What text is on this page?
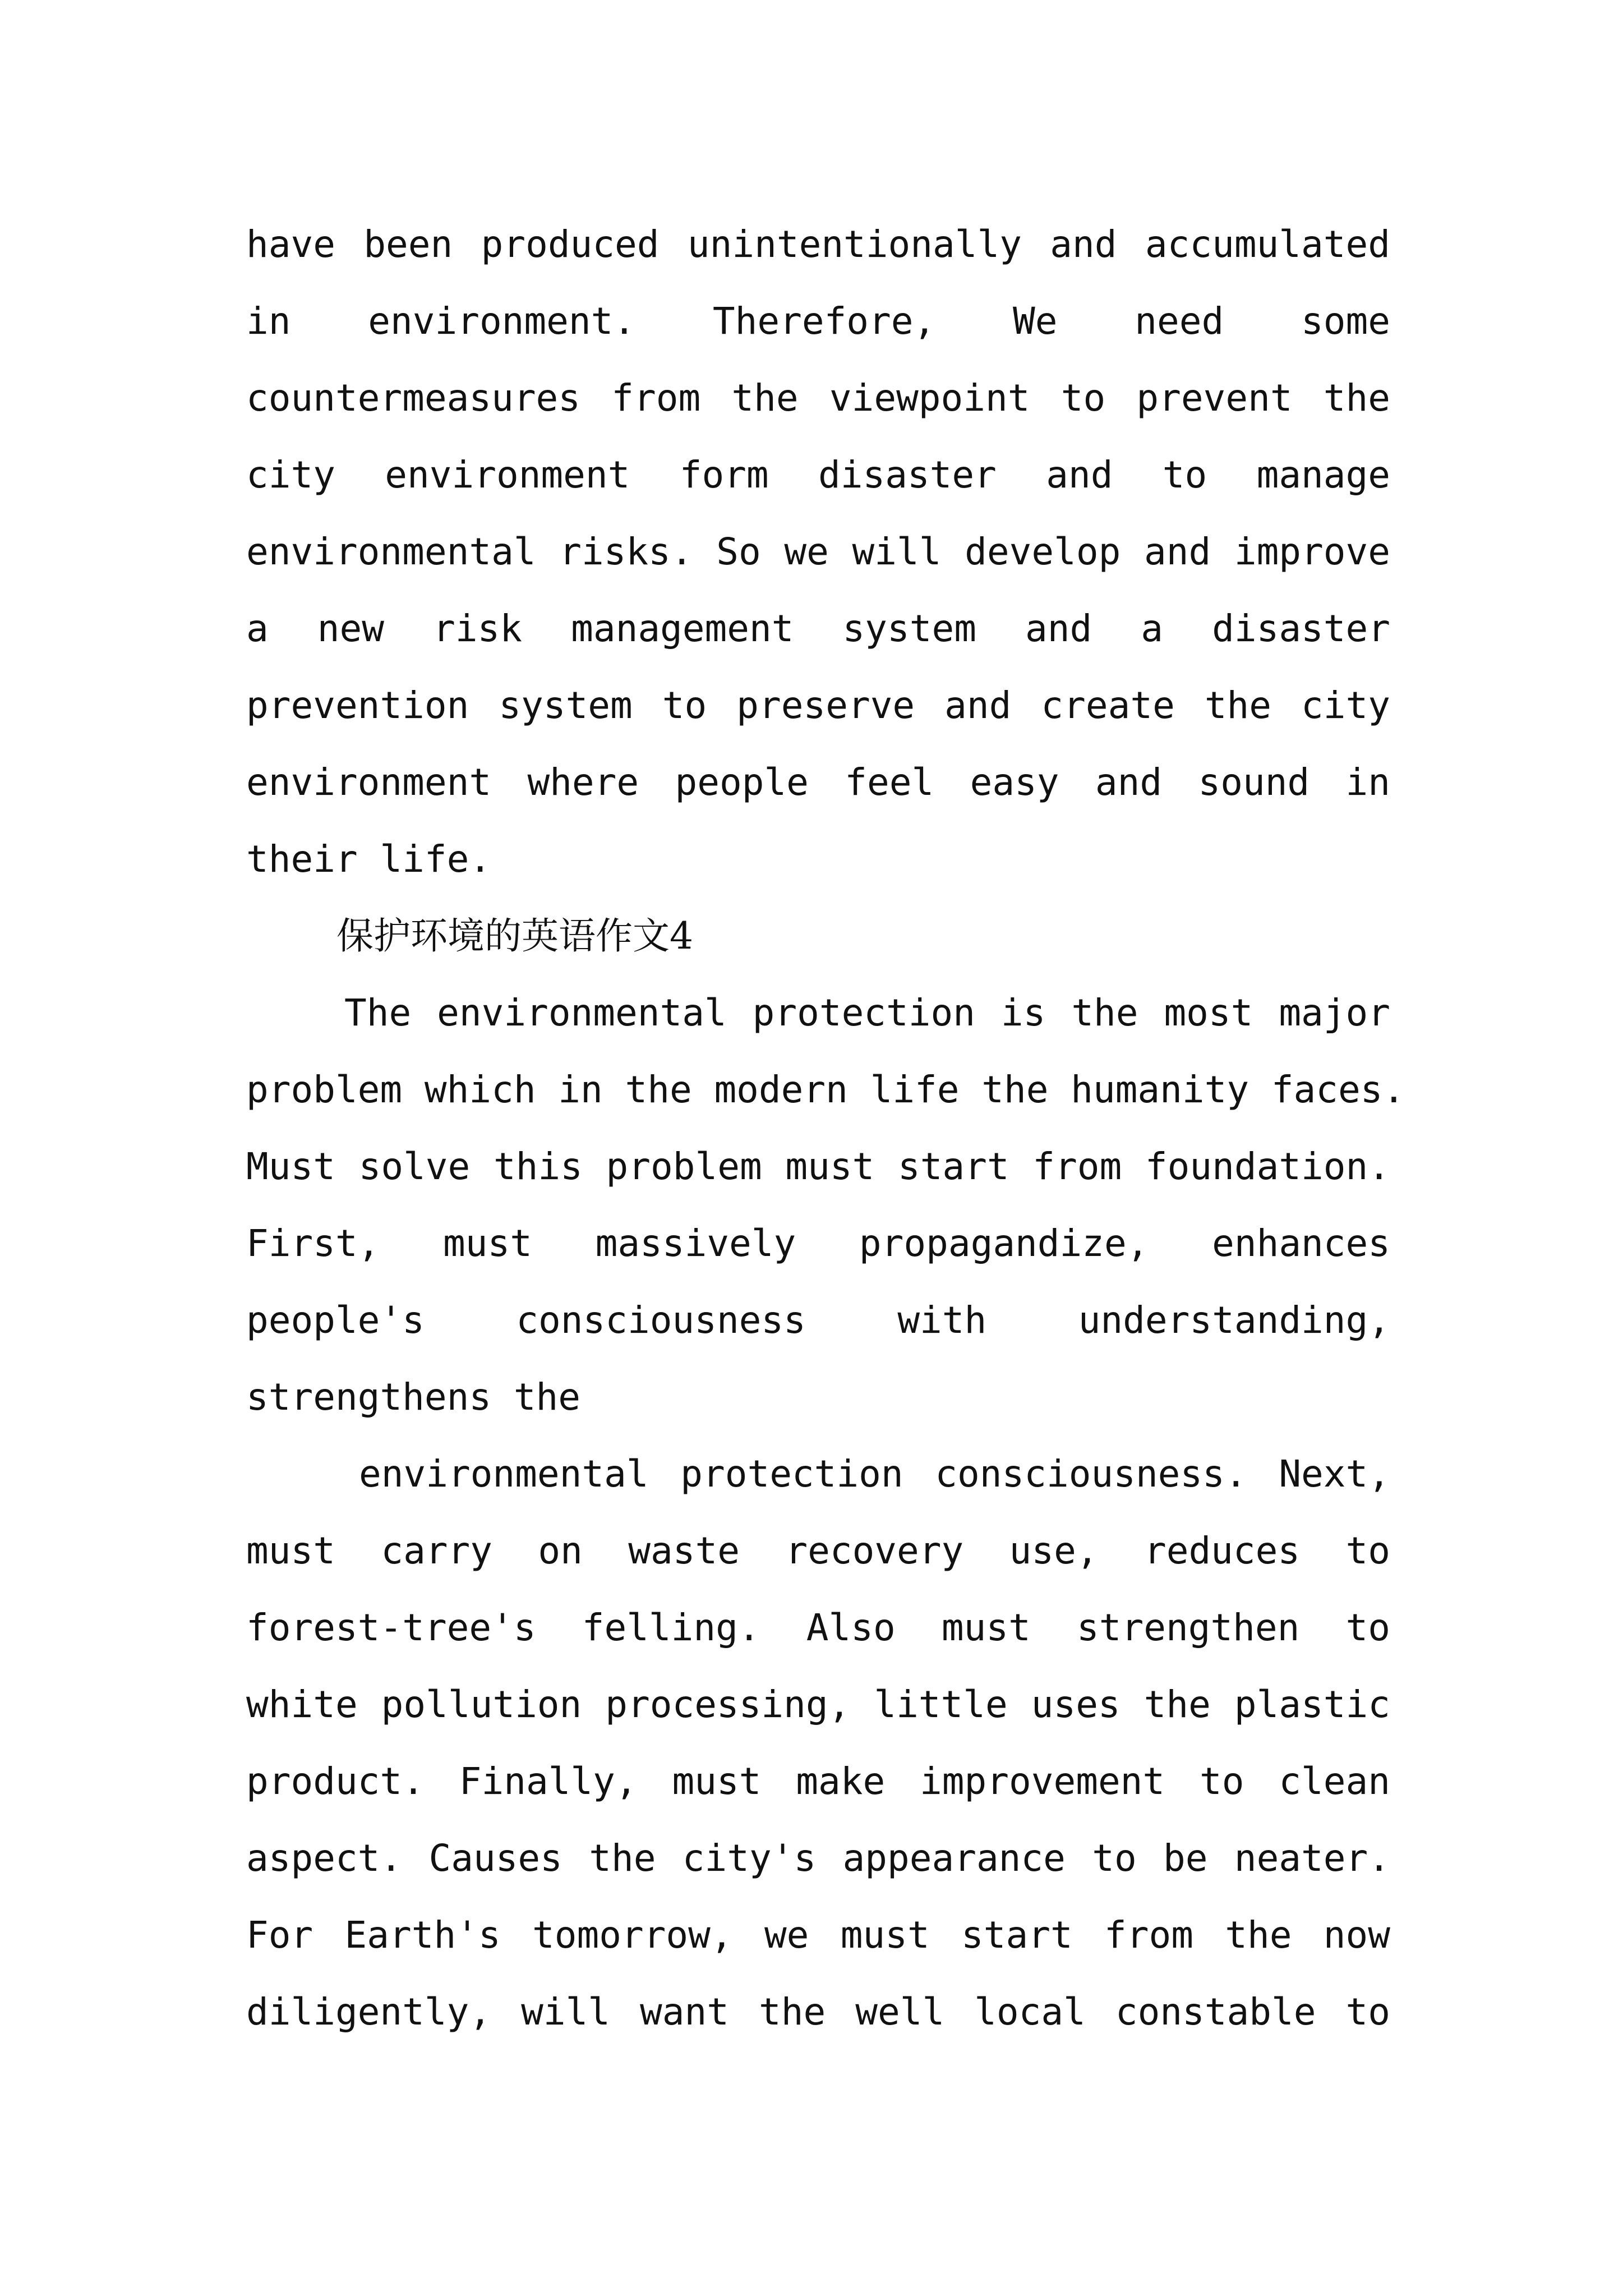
have been produced unintentionally and accumulated
in environment. Therefore, We need some
countermeasures from the viewpoint to prevent the
city environment form disaster and to manage
environmental risks. So we will develop and improve
a new risk management system and a disaster
prevention system to preserve and create the city
environment where people feel easy and sound in
their life.
保护环境的英语作文4
The environmental protection is the most major
problem which in the modern life the humanity faces.
Must solve this problem must start from foundation.
First, must massively propagandize, enhances
people's consciousness with understanding,
strengthens the
environmental protection consciousness. Next,
must carry on waste recovery use, reduces to
forest-tree's felling. Also must strengthen to
white pollution processing, little uses the plastic
product. Finally, must make improvement to clean
aspect. Causes the city's appearance to be neater.
For Earth's tomorrow, we must start from the now
diligently, will want the well local constable to
